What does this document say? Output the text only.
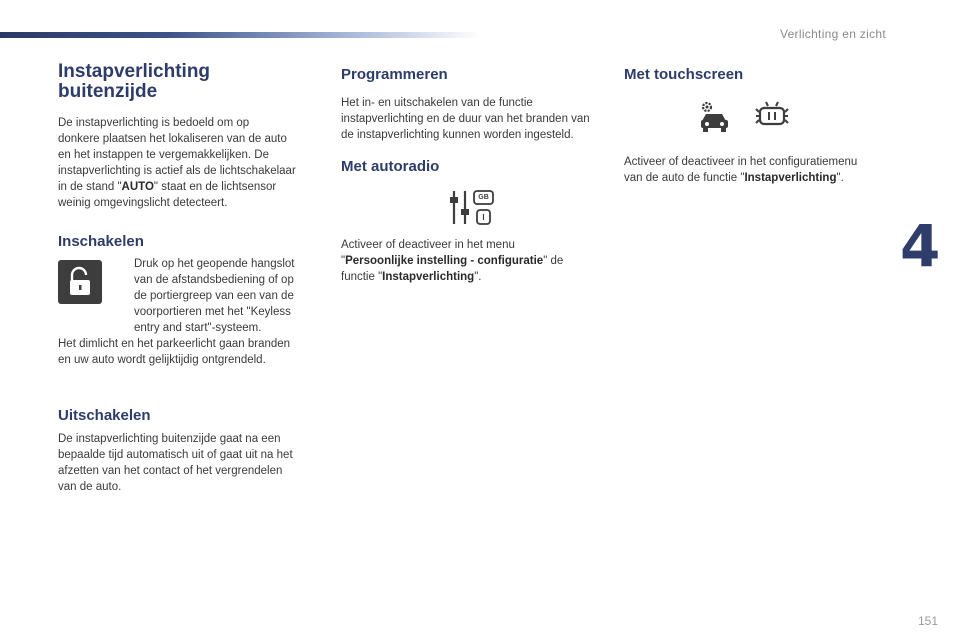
Verlichting en zicht
4
Instapverlichting
buitenzijde

De instapverlichting is bedoeld om op
donkere plaatsen het lokaliseren van de auto
en het instappen te vergemakkelijken. De
instapverlichting is actief als de lichtschakelaar
in de stand "AUTO" staat en de lichtsensor
weinig omgevingslicht detecteert.

Inschakelen

Druk op het geopende hangslot
van de afstandsbediening of op
de portiergreep van een van de
voorportieren met het "Keyless
entry and start"-systeem.

Het dimlicht en het parkeerlicht gaan branden
en uw auto wordt gelijktijdig ontgrendeld.

Uitschakelen

De instapverlichting buitenzijde gaat na een
bepaalde tijd automatisch uit of gaat uit na het
afzetten van het contact of het vergrendelen
van de auto.

Programmeren

Het in- en uitschakelen van de functie
instapverlichting en de duur van het branden van
de instapverlichting kunnen worden ingesteld.

Met autoradio
GB
I

Activeer of deactiveer in het menu
"Persoonlijke instelling - configuratie" de
functie "Instapverlichting".

Met touchscreen

Activeer of deactiveer in het configuratiemenu
van de auto de functie "Instapverlichting".

151
